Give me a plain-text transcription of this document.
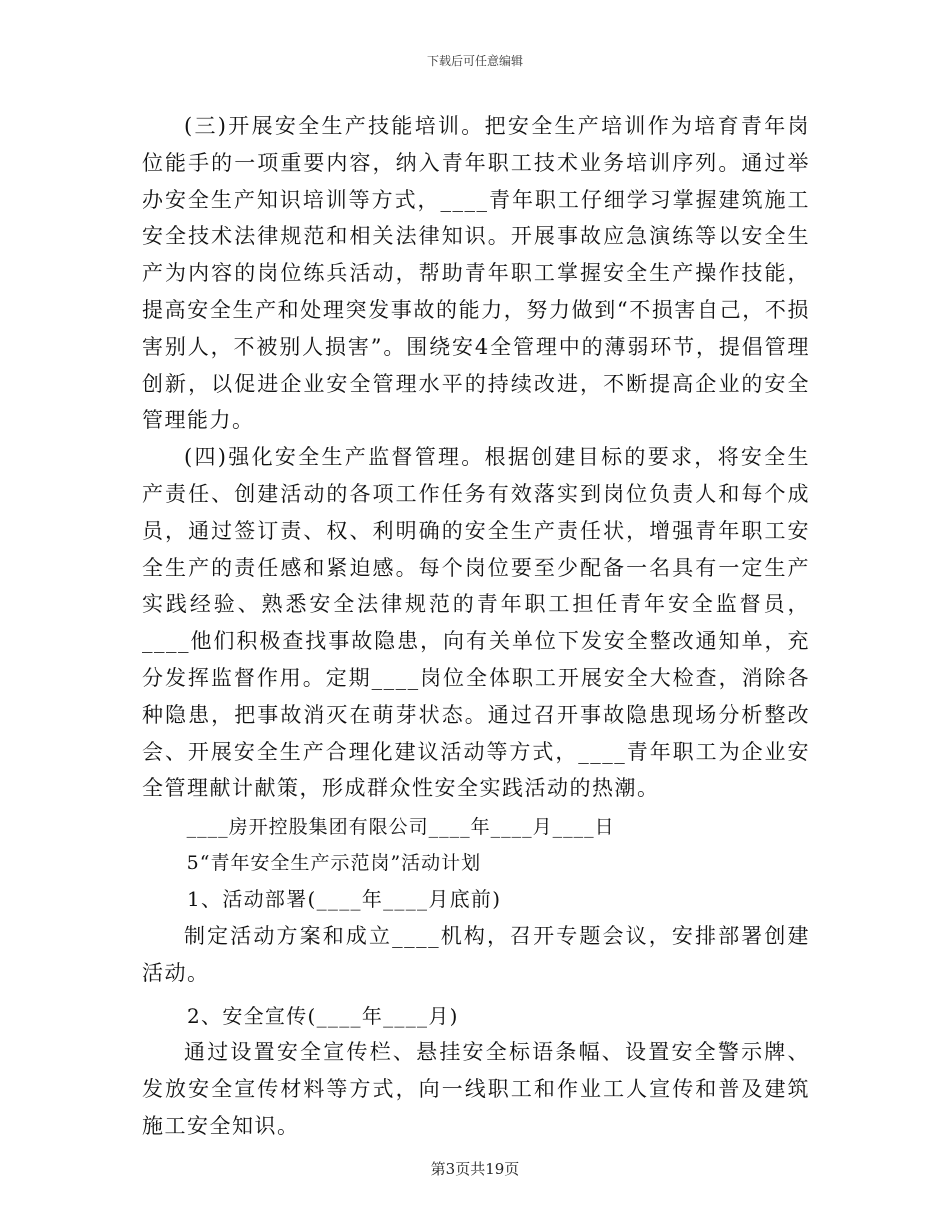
下载后可任意编辑

(三)开展安全生产技能培训。把安全生产培训作为培育青年岗位能手的一项重要内容，纳入青年职工技术业务培训序列。通过举办安全生产知识培训等方式，____青年职工仔细学习掌握建筑施工安全技术法律规范和相关法律知识。开展事故应急演练等以安全生产为内容的岗位练兵活动，帮助青年职工掌握安全生产操作技能，提高安全生产和处理突发事故的能力，努力做到“不损害自己，不损害别人，不被别人损害”。围绕安4全管理中的薄弱环节，提倡管理创新，以促进企业安全管理水平的持续改进，不断提高企业的安全管理能力。

(四)强化安全生产监督管理。根据创建目标的要求，将安全生产责任、创建活动的各项工作任务有效落实到岗位负责人和每个成员，通过签订责、权、利明确的安全生产责任状，增强青年职工安全生产的责任感和紧迫感。每个岗位要至少配备一名具有一定生产实践经验、熟悉安全法律规范的青年职工担任青年安全监督员，____他们积极查找事故隐患，向有关单位下发安全整改通知单，充分发挥监督作用。定期____岗位全体职工开展安全大检查，消除各种隐患，把事故消灭在萌芽状态。通过召开事故隐患现场分析整改会、开展安全生产合理化建议活动等方式，____青年职工为企业安全管理献计献策，形成群众性安全实践活动的热潮。

____房开控股集团有限公司____年____月____日

5“青年安全生产示范岗”活动计划

1、活动部署(____年____月底前)

制定活动方案和成立____机构，召开专题会议，安排部署创建活动。

2、安全宣传(____年____月)

通过设置安全宣传栏、悬挂安全标语条幅、设置安全警示牌、发放安全宣传材料等方式，向一线职工和作业工人宣传和普及建筑施工安全知识。

第3页共19页
